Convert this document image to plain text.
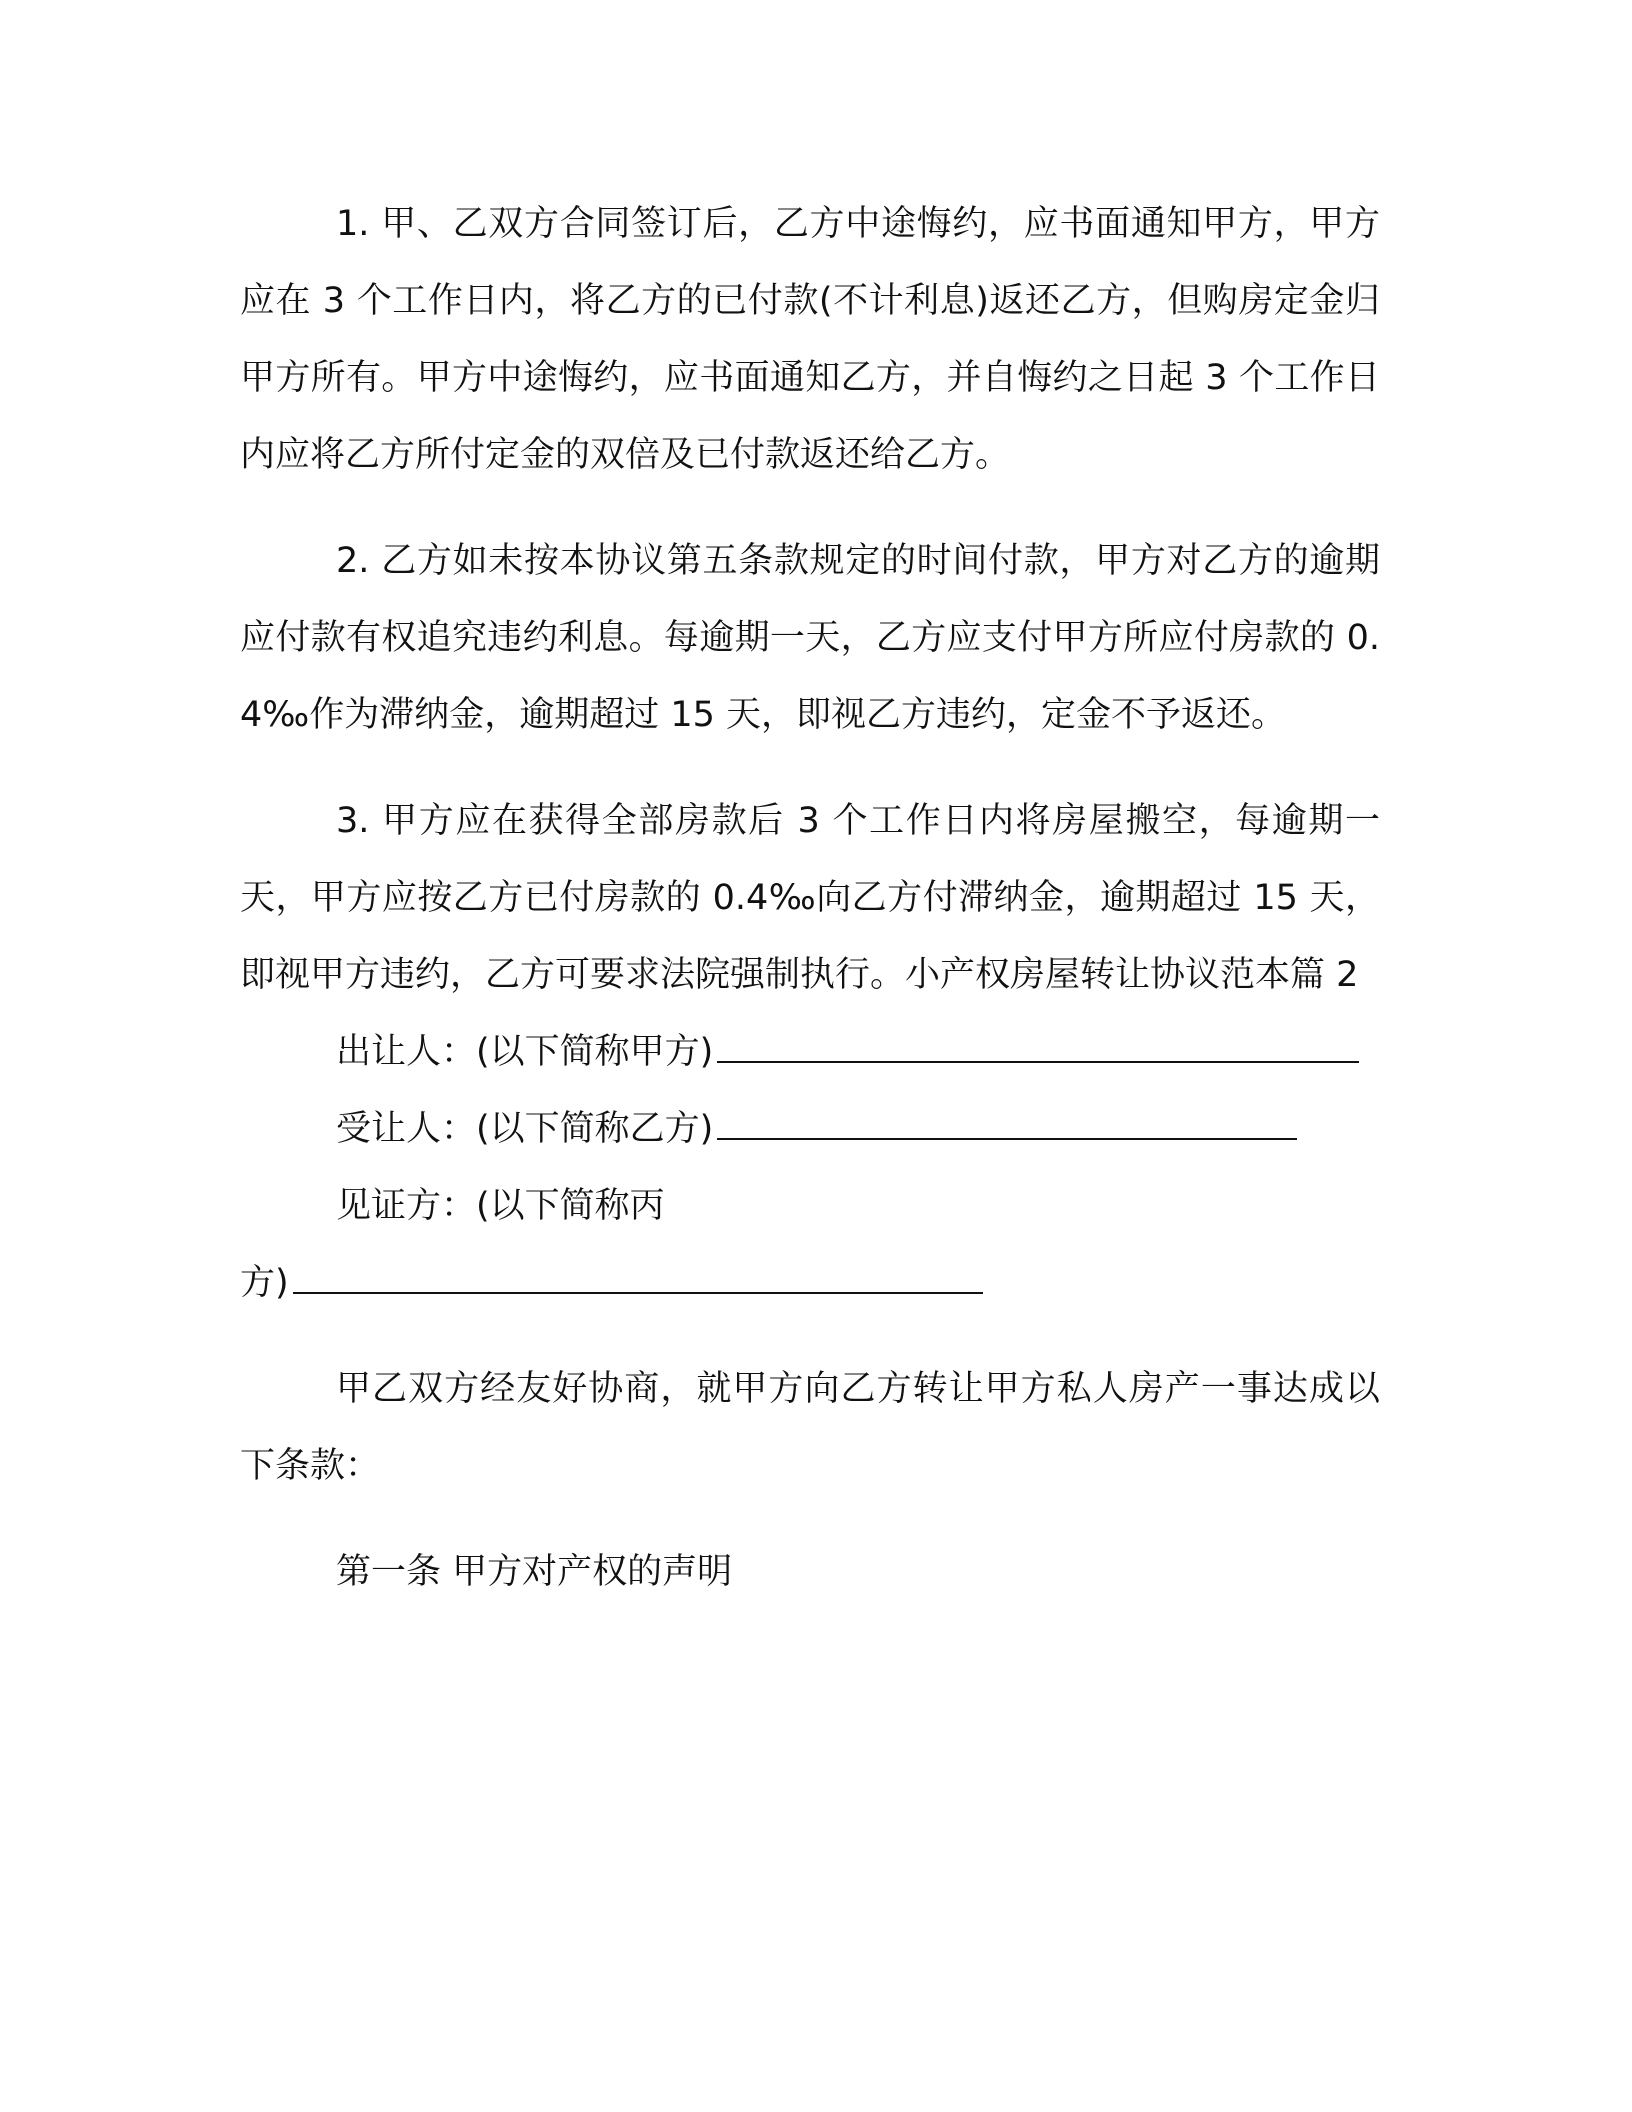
1. 甲、乙双方合同签订后，乙方中途悔约，应书面通知甲方，甲方应在 3 个工作日内，将乙方的已付款(不计利息)返还乙方，但购房定金归甲方所有。甲方中途悔约，应书面通知乙方，并自悔约之日起 3 个工作日内应将乙方所付定金的双倍及已付款返还给乙方。

2. 乙方如未按本协议第五条款规定的时间付款，甲方对乙方的逾期应付款有权追究违约利息。每逾期一天，乙方应支付甲方所应付房款的 0.4‰作为滞纳金，逾期超过 15 天，即视乙方违约，定金不予返还。

3. 甲方应在获得全部房款后 3 个工作日内将房屋搬空，每逾期一天，甲方应按乙方已付房款的 0.4‰向乙方付滞纳金，逾期超过 15 天，即视甲方违约，乙方可要求法院强制执行。小产权房屋转让协议范本篇 2

出让人：(以下简称甲方)

受让人：(以下简称乙方)

见证方：(以下简称丙
方)

甲乙双方经友好协商，就甲方向乙方转让甲方私人房产一事达成以下条款：

第一条 甲方对产权的声明
